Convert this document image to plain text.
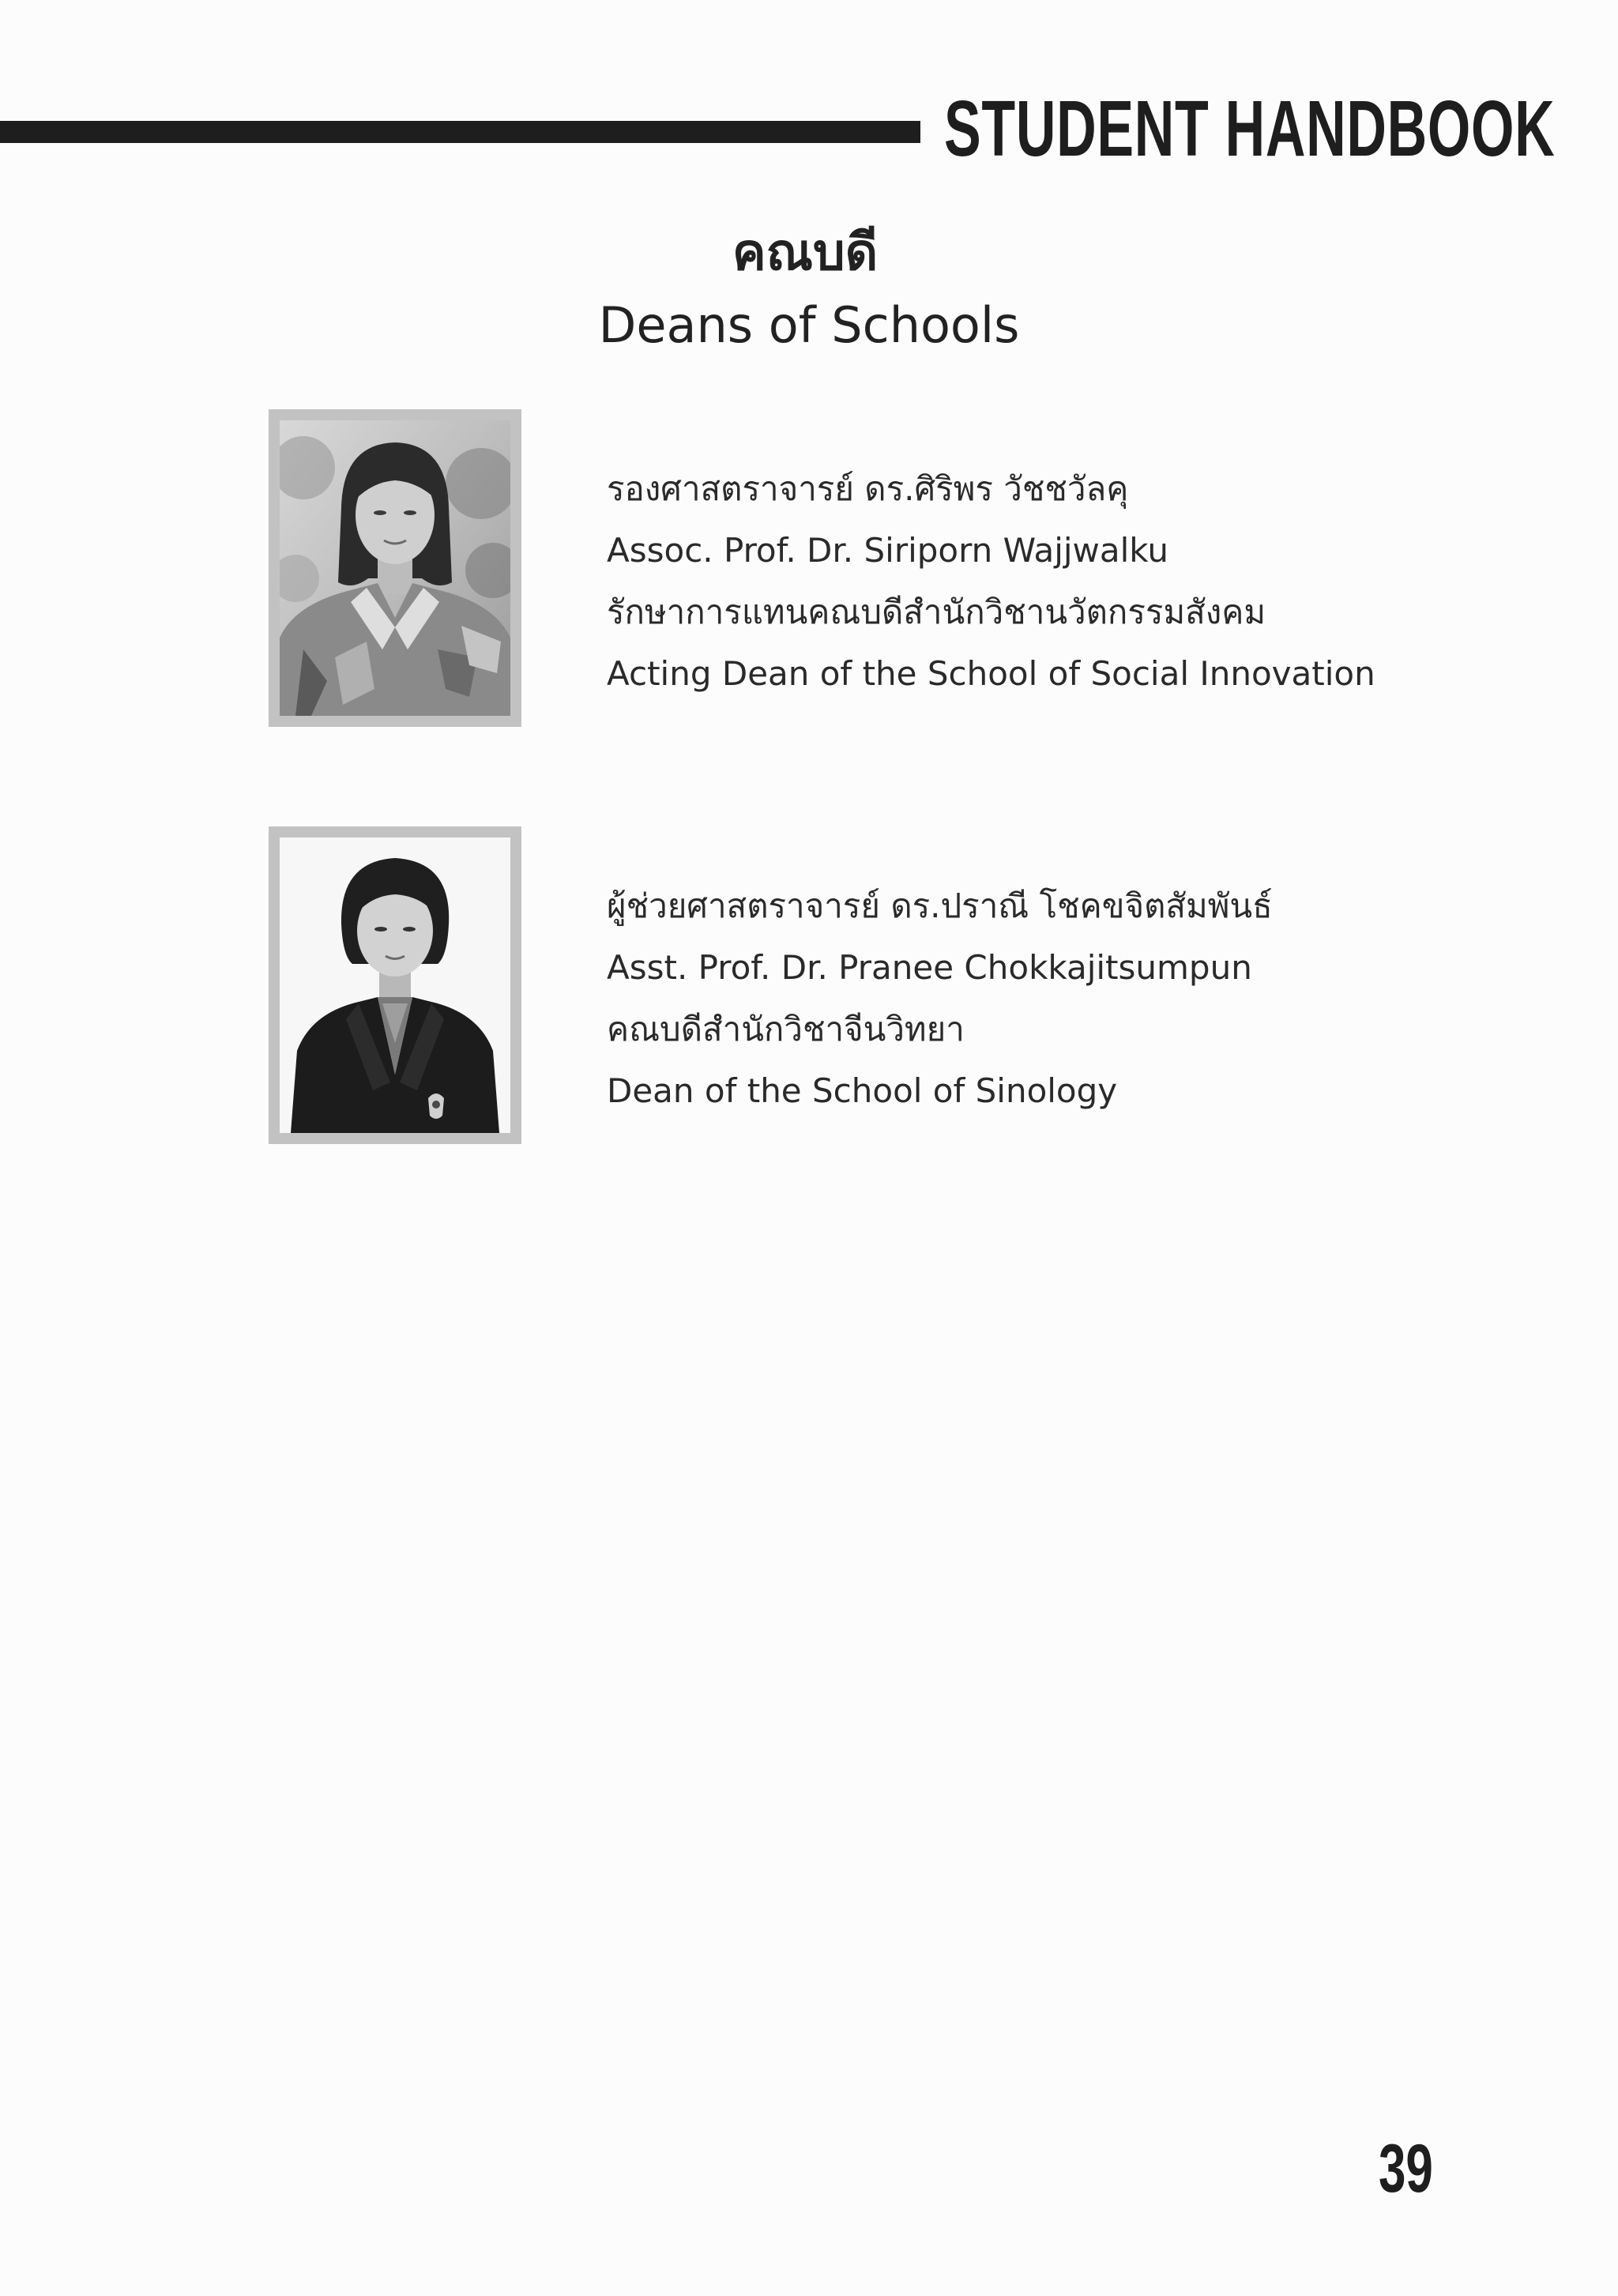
STUDENT HANDBOOK
คณบดี
Deans of Schools
รองศาสตราจารย์ ดร.ศิริพร วัชชวัลคุ
Assoc. Prof. Dr. Siriporn Wajjwalku
รักษาการแทนคณบดีสำนักวิชานวัตกรรมสังคม
Acting Dean of the School of Social Innovation
ผู้ช่วยศาสตราจารย์ ดร.ปราณี โชคขจิตสัมพันธ์
Asst. Prof. Dr. Pranee Chokkajitsumpun
คณบดีสำนักวิชาจีนวิทยา
Dean of the School of Sinology
39
